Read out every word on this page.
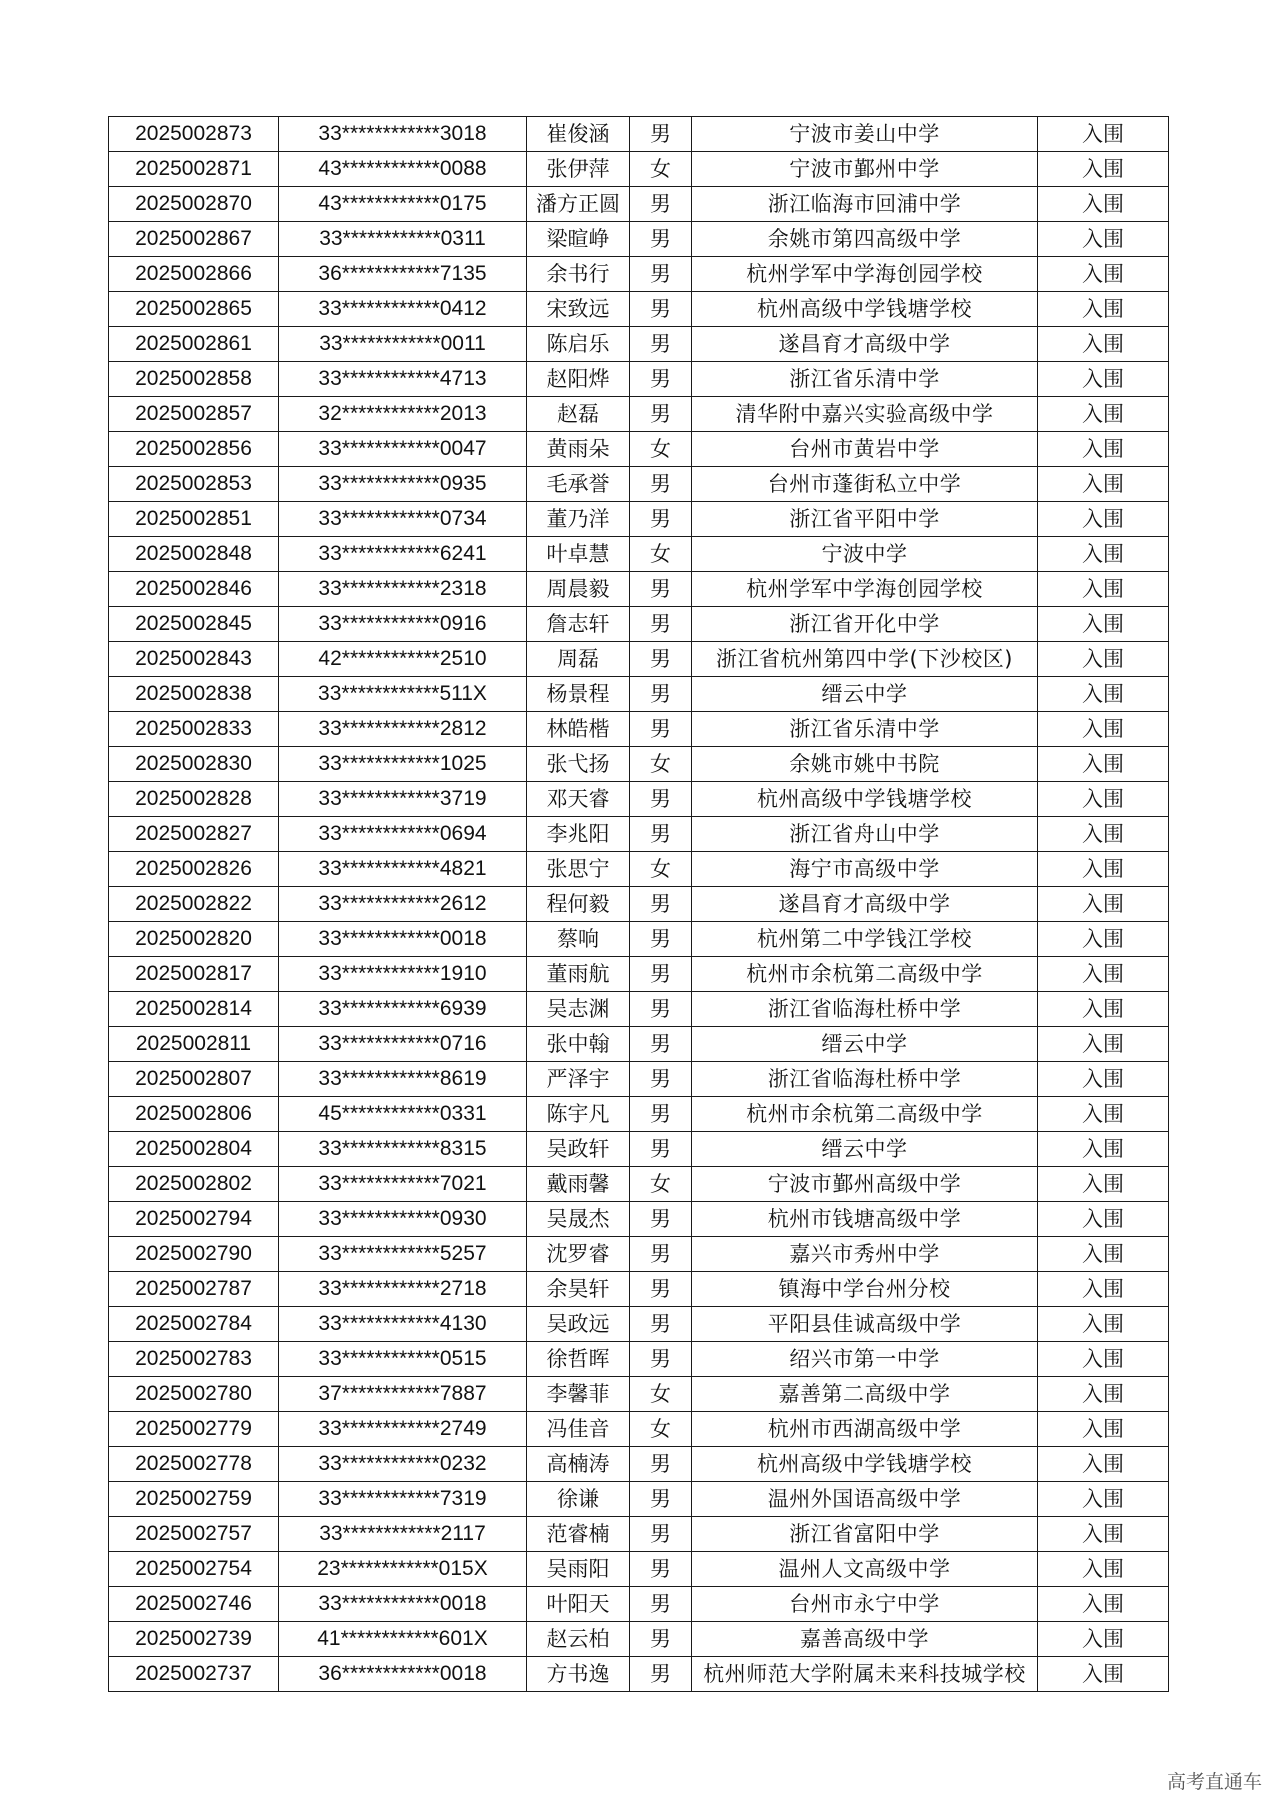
2025002873	33************3018	崔俊涵	男	宁波市姜山中学	入围
2025002871	43************0088	张伊萍	女	宁波市鄞州中学	入围
2025002870	43************0175	潘方正圆	男	浙江临海市回浦中学	入围
2025002867	33************0311	梁暄峥	男	余姚市第四高级中学	入围
2025002866	36************7135	余书行	男	杭州学军中学海创园学校	入围
2025002865	33************0412	宋致远	男	杭州高级中学钱塘学校	入围
2025002861	33************0011	陈启乐	男	遂昌育才高级中学	入围
2025002858	33************4713	赵阳烨	男	浙江省乐清中学	入围
2025002857	32************2013	赵磊	男	清华附中嘉兴实验高级中学	入围
2025002856	33************0047	黄雨朵	女	台州市黄岩中学	入围
2025002853	33************0935	毛承誉	男	台州市蓬街私立中学	入围
2025002851	33************0734	董乃洋	男	浙江省平阳中学	入围
2025002848	33************6241	叶卓慧	女	宁波中学	入围
2025002846	33************2318	周晨毅	男	杭州学军中学海创园学校	入围
2025002845	33************0916	詹志轩	男	浙江省开化中学	入围
2025002843	42************2510	周磊	男	浙江省杭州第四中学(下沙校区)	入围
2025002838	33************511X	杨景程	男	缙云中学	入围
2025002833	33************2812	林皓楷	男	浙江省乐清中学	入围
2025002830	33************1025	张弋扬	女	余姚市姚中书院	入围
2025002828	33************3719	邓天睿	男	杭州高级中学钱塘学校	入围
2025002827	33************0694	李兆阳	男	浙江省舟山中学	入围
2025002826	33************4821	张思宁	女	海宁市高级中学	入围
2025002822	33************2612	程何毅	男	遂昌育才高级中学	入围
2025002820	33************0018	蔡响	男	杭州第二中学钱江学校	入围
2025002817	33************1910	董雨航	男	杭州市余杭第二高级中学	入围
2025002814	33************6939	吴志渊	男	浙江省临海杜桥中学	入围
2025002811	33************0716	张中翰	男	缙云中学	入围
2025002807	33************8619	严泽宇	男	浙江省临海杜桥中学	入围
2025002806	45************0331	陈宇凡	男	杭州市余杭第二高级中学	入围
2025002804	33************8315	吴政轩	男	缙云中学	入围
2025002802	33************7021	戴雨馨	女	宁波市鄞州高级中学	入围
2025002794	33************0930	吴晟杰	男	杭州市钱塘高级中学	入围
2025002790	33************5257	沈罗睿	男	嘉兴市秀州中学	入围
2025002787	33************2718	余昊轩	男	镇海中学台州分校	入围
2025002784	33************4130	吴政远	男	平阳县佳诚高级中学	入围
2025002783	33************0515	徐哲晖	男	绍兴市第一中学	入围
2025002780	37************7887	李馨菲	女	嘉善第二高级中学	入围
2025002779	33************2749	冯佳音	女	杭州市西湖高级中学	入围
2025002778	33************0232	高楠涛	男	杭州高级中学钱塘学校	入围
2025002759	33************7319	徐谦	男	温州外国语高级中学	入围
2025002757	33************2117	范睿楠	男	浙江省富阳中学	入围
2025002754	23************015X	吴雨阳	男	温州人文高级中学	入围
2025002746	33************0018	叶阳天	男	台州市永宁中学	入围
2025002739	41************601X	赵云柏	男	嘉善高级中学	入围
2025002737	36************0018	方书逸	男	杭州师范大学附属未来科技城学校	入围
高考直通车
